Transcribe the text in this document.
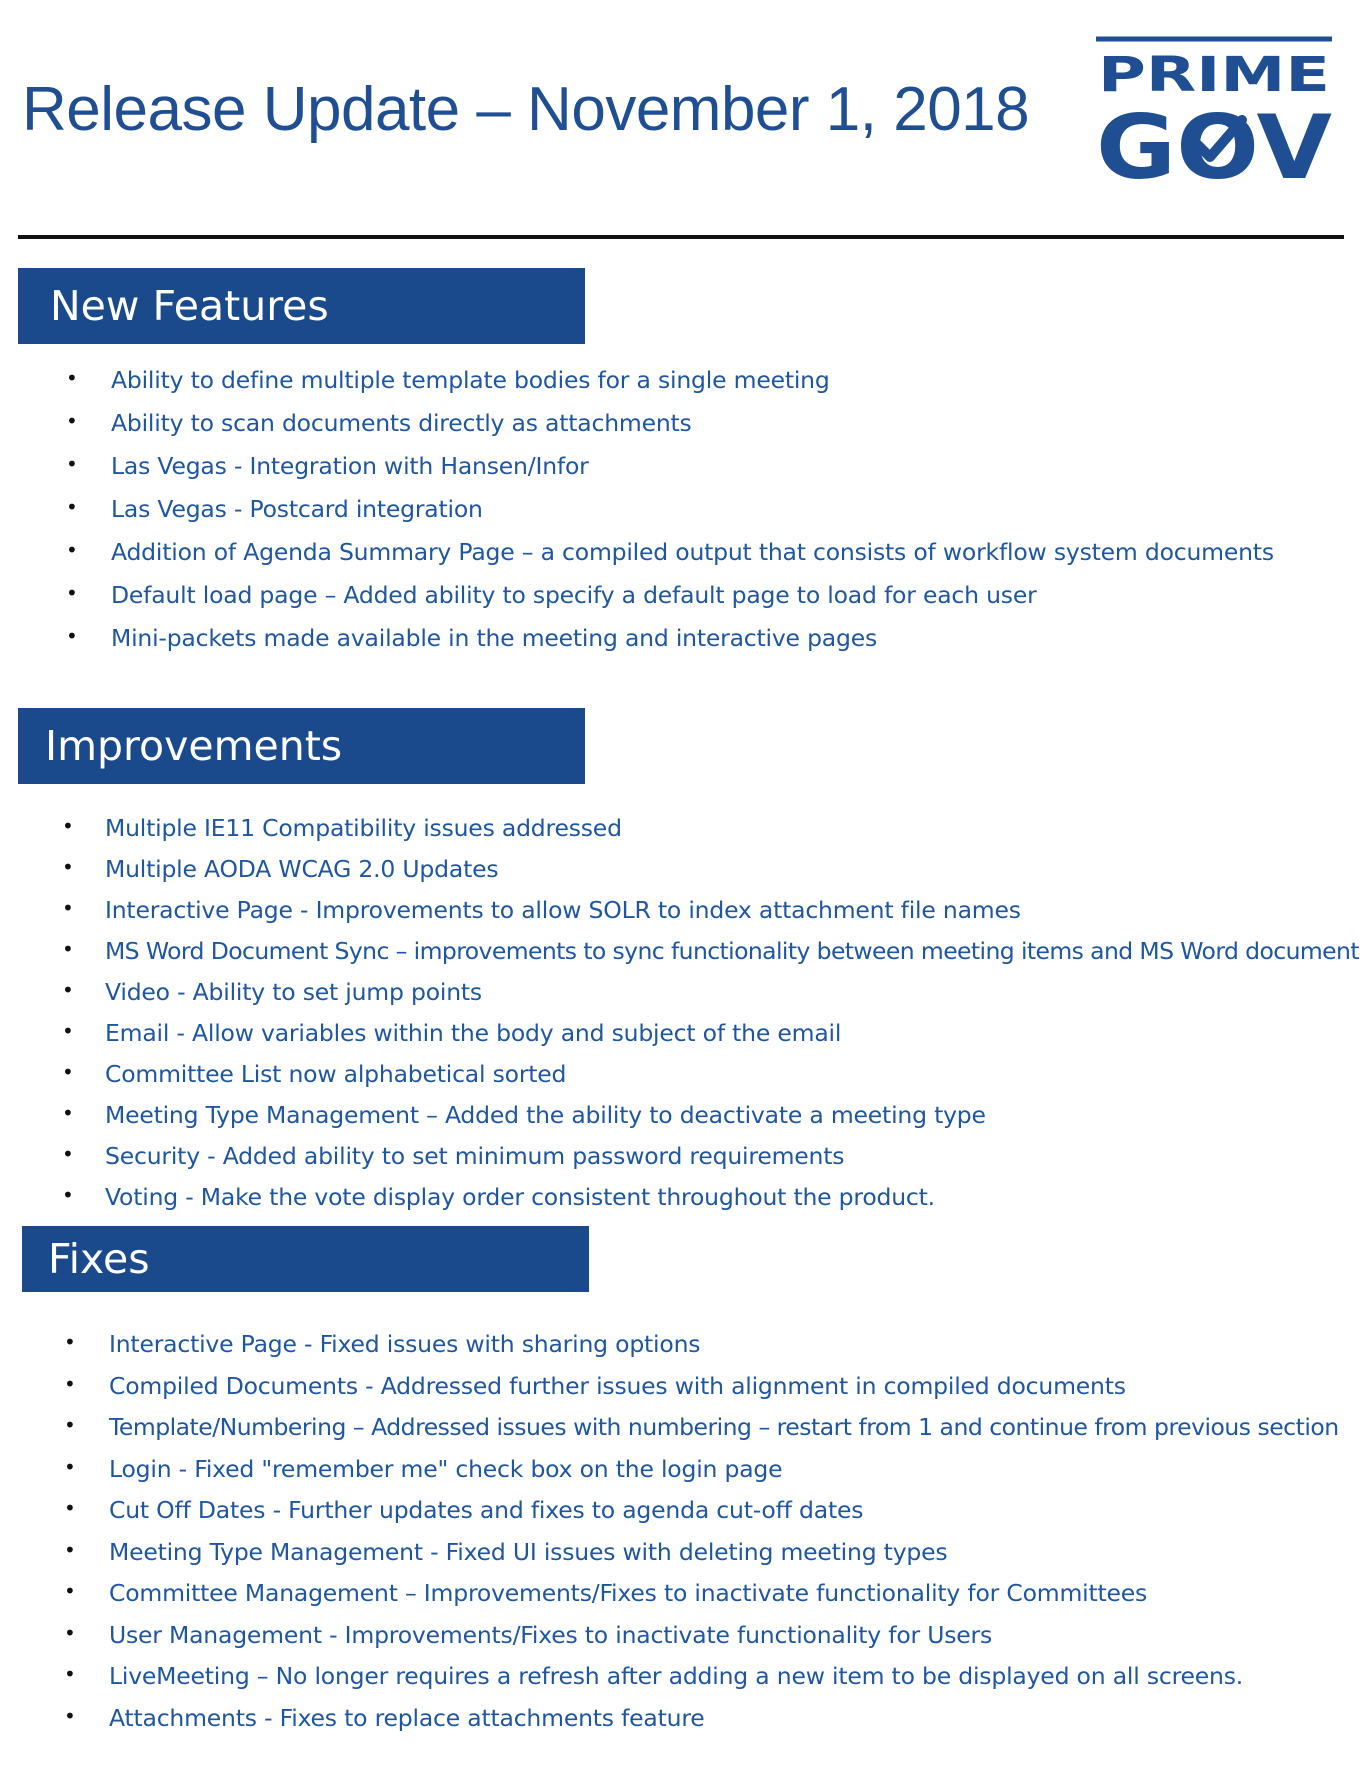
Release Update – November 1, 2018 PRIME
GOV
New Features
• Ability to define multiple template bodies for a single meeting
• Ability to scan documents directly as attachments
• Las Vegas - Integration with Hansen/Infor
• Las Vegas - Postcard integration
• Addition of Agenda Summary Page – a compiled output that consists of workflow system documents
• Default load page – Added ability to specify a default page to load for each user
• Mini-packets made available in the meeting and interactive pages
Improvements
• Multiple IE11 Compatibility issues addressed
• Multiple AODA WCAG 2.0 Updates
• Interactive Page - Improvements to allow SOLR to index attachment file names
• MS Word Document Sync – improvements to sync functionality between meeting items and MS Word document
• Video - Ability to set jump points
• Email - Allow variables within the body and subject of the email
• Committee List now alphabetical sorted
• Meeting Type Management – Added the ability to deactivate a meeting type
• Security - Added ability to set minimum password requirements
• Voting - Make the vote display order consistent throughout the product.
Fixes
• Interactive Page - Fixed issues with sharing options
• Compiled Documents - Addressed further issues with alignment in compiled documents
• Template/Numbering – Addressed issues with numbering – restart from 1 and continue from previous section
• Login - Fixed "remember me" check box on the login page
• Cut Off Dates - Further updates and fixes to agenda cut-off dates
• Meeting Type Management - Fixed UI issues with deleting meeting types
• Committee Management – Improvements/Fixes to inactivate functionality for Committees
• User Management - Improvements/Fixes to inactivate functionality for Users
• LiveMeeting – No longer requires a refresh after adding a new item to be displayed on all screens.
• Attachments - Fixes to replace attachments feature
